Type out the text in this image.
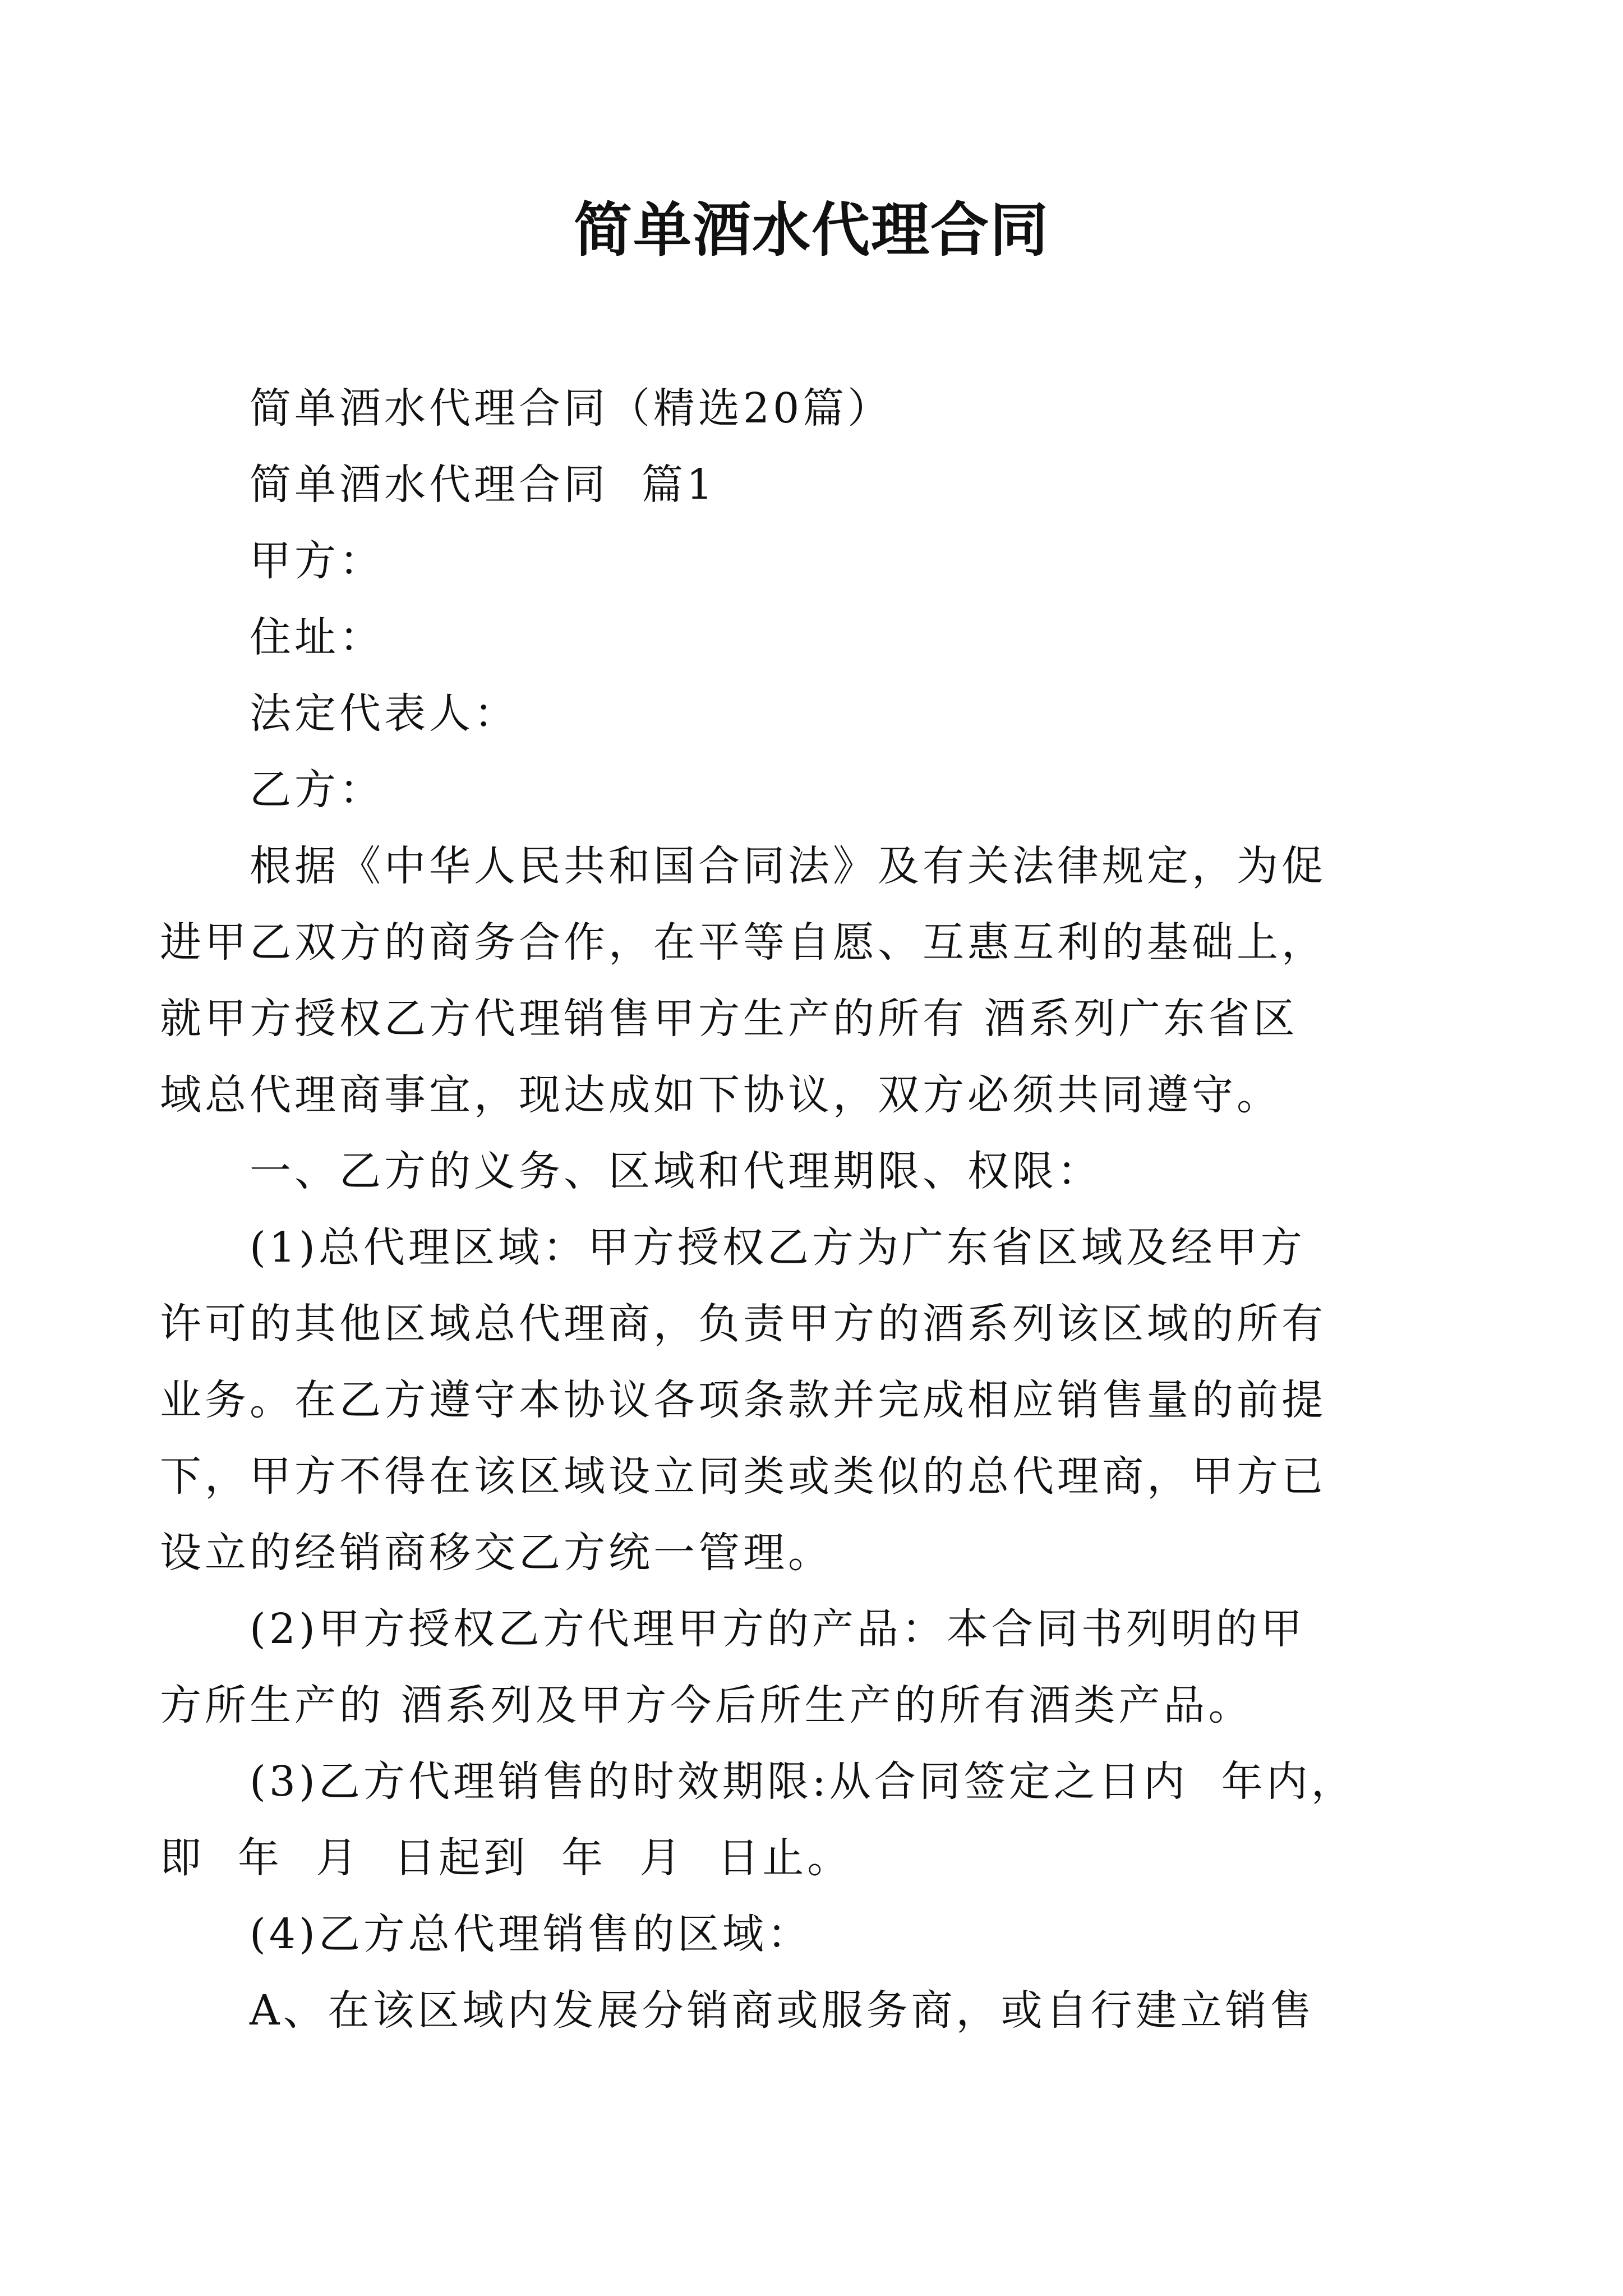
简单酒水代理合同

简单酒水代理合同（精选20篇）

简单酒水代理合同  篇1

甲方：

住址：

法定代表人：

乙方：

根据《中华人民共和国合同法》及有关法律规定，为促

进甲乙双方的商务合作，在平等自愿、互惠互利的基础上，

就甲方授权乙方代理销售甲方生产的所有 酒系列广东省区

域总代理商事宜，现达成如下协议，双方必须共同遵守。

一、乙方的义务、区域和代理期限、权限：

(1)总代理区域：甲方授权乙方为广东省区域及经甲方

许可的其他区域总代理商，负责甲方的酒系列该区域的所有

业务。在乙方遵守本协议各项条款并完成相应销售量的前提

下，甲方不得在该区域设立同类或类似的总代理商，甲方已

设立的经销商移交乙方统一管理。

(2)甲方授权乙方代理甲方的产品：本合同书列明的甲

方所生产的 酒系列及甲方今后所生产的所有酒类产品。

(3)乙方代理销售的时效期限:从合同签定之日内  年内，

即  年  月  日起到  年  月  日止。

(4)乙方总代理销售的区域：

A、在该区域内发展分销商或服务商，或自行建立销售
